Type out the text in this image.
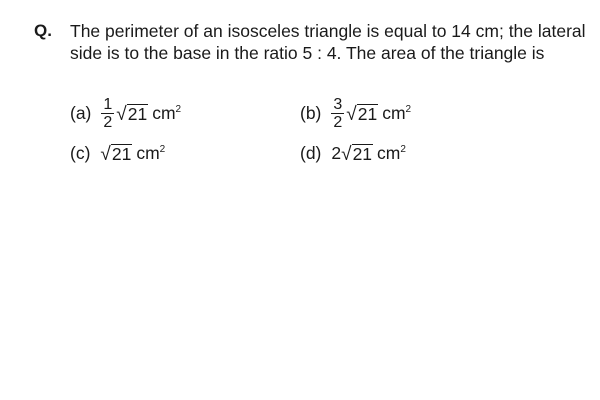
Q. The perimeter of an isosceles triangle is equal to 14 cm; the lateral side is to the base in the ratio 5 : 4. The area of the triangle is
$(a) \frac{1}{2}$ √ 21 $cm^2$	$(b) \frac{3}{2}$ √ 21 $cm^2$
(c) √ 21 $cm^2$	(d) 2 √ 21 $cm^2$
